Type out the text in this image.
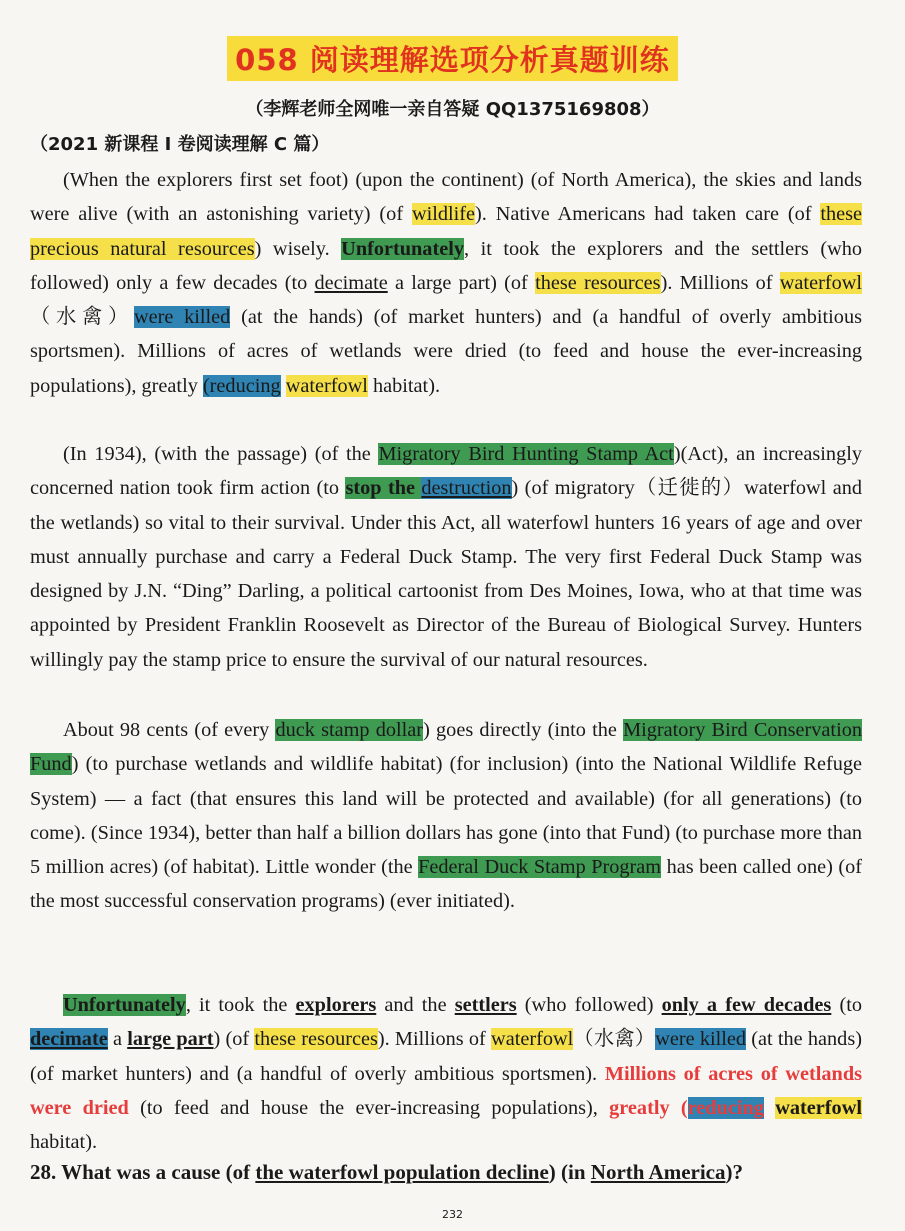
058 阅读理解选项分析真题训练
（李辉老师全网唯一亲自答疑 QQ1375169808）
（2021 新课程 I 卷阅读理解 C 篇）

(When the explorers first set foot) (upon the continent) (of North America), the skies and lands were alive (with an astonishing variety) (of wildlife). Native Americans had taken care (of these precious natural resources) wisely. Unfortunately, it took the explorers and the settlers (who followed) only a few decades (to decimate a large part) (of these resources). Millions of waterfowl（水禽）were killed (at the hands) (of market hunters) and (a handful of overly ambitious sportsmen). Millions of acres of wetlands were dried (to feed and house the ever-increasing populations), greatly (reducing waterfowl habitat).

(In 1934), (with the passage) (of the Migratory Bird Hunting Stamp Act)(Act), an increasingly concerned nation took firm action (to stop the destruction) (of migratory（迁徙的）waterfowl and the wetlands) so vital to their survival. Under this Act, all waterfowl hunters 16 years of age and over must annually purchase and carry a Federal Duck Stamp. The very first Federal Duck Stamp was designed by J.N. “Ding” Darling, a political cartoonist from Des Moines, Iowa, who at that time was appointed by President Franklin Roosevelt as Director of the Bureau of Biological Survey. Hunters willingly pay the stamp price to ensure the survival of our natural resources.

About 98 cents (of every duck stamp dollar) goes directly (into the Migratory Bird Conservation Fund) (to purchase wetlands and wildlife habitat) (for inclusion) (into the National Wildlife Refuge System) — a fact (that ensures this land will be protected and available) (for all generations) (to come). (Since 1934), better than half a billion dollars has gone (into that Fund) (to purchase more than 5 million acres) (of habitat). Little wonder (the Federal Duck Stamp Program has been called one) (of the most successful conservation programs) (ever initiated).

Unfortunately, it took the explorers and the settlers (who followed) only a few decades (to decimate a large part) (of these resources). Millions of waterfowl（水禽）were killed (at the hands) (of market hunters) and (a handful of overly ambitious sportsmen). Millions of acres of wetlands were dried (to feed and house the ever-increasing populations), greatly (reducing waterfowl habitat).

28. What was a cause (of the waterfowl population decline) (in North America)?
232
